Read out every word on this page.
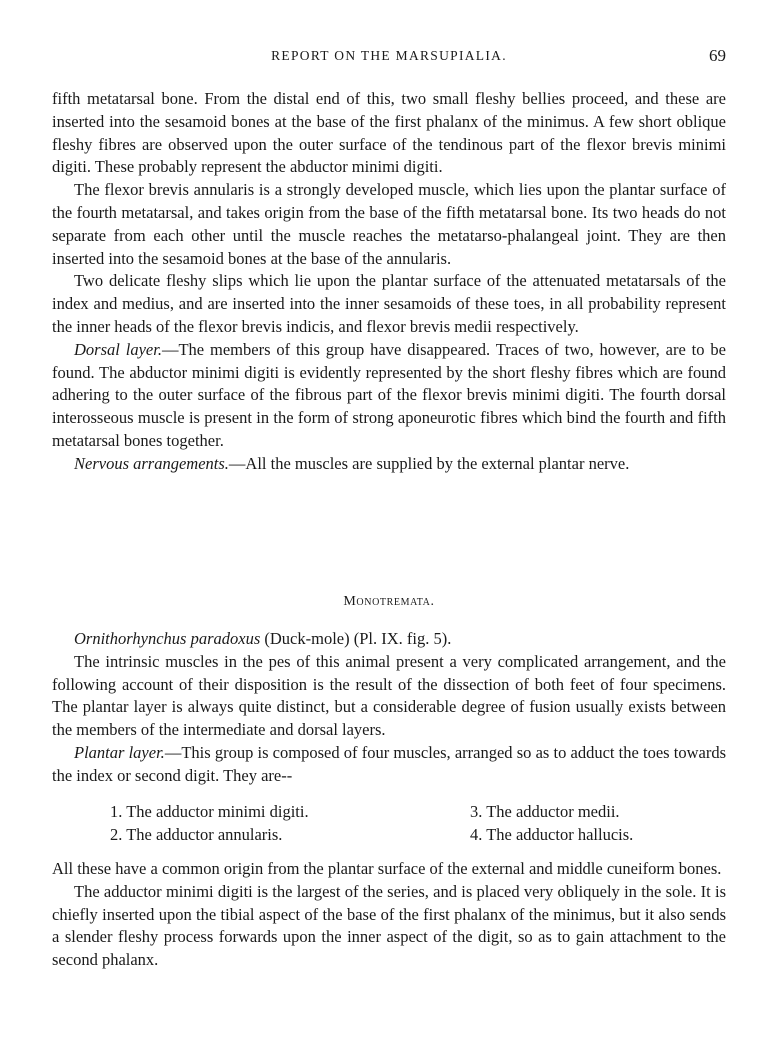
REPORT ON THE MARSUPIALIA.	69

fifth metatarsal bone. From the distal end of this, two small fleshy bellies proceed, and these are inserted into the sesamoid bones at the base of the first phalanx of the minimus. A few short oblique fleshy fibres are observed upon the outer surface of the tendinous part of the flexor brevis minimi digiti. These probably represent the abductor minimi digiti.

The flexor brevis annularis is a strongly developed muscle, which lies upon the plantar surface of the fourth metatarsal, and takes origin from the base of the fifth metatarsal bone. Its two heads do not separate from each other until the muscle reaches the metatarso-phalangeal joint. They are then inserted into the sesamoid bones at the base of the annularis.

Two delicate fleshy slips which lie upon the plantar surface of the attenuated metatarsals of the index and medius, and are inserted into the inner sesamoids of these toes, in all probability represent the inner heads of the flexor brevis indicis, and flexor brevis medii respectively.

Dorsal layer.—The members of this group have disappeared. Traces of two, however, are to be found. The abductor minimi digiti is evidently represented by the short fleshy fibres which are found adhering to the outer surface of the fibrous part of the flexor brevis minimi digiti. The fourth dorsal interosseous muscle is present in the form of strong aponeurotic fibres which bind the fourth and fifth metatarsal bones together.

Nervous arrangements.—All the muscles are supplied by the external plantar nerve.

Monotremata.

Ornithorhynchus paradoxus (Duck-mole) (Pl. IX. fig. 5).

The intrinsic muscles in the pes of this animal present a very complicated arrangement, and the following account of their disposition is the result of the dissection of both feet of four specimens. The plantar layer is always quite distinct, but a considerable degree of fusion usually exists between the members of the intermediate and dorsal layers.

Plantar layer.—This group is composed of four muscles, arranged so as to adduct the toes towards the index or second digit. They are--

1. The adductor minimi digiti.
2. The adductor annularis.
3. The adductor medii.
4. The adductor hallucis.

All these have a common origin from the plantar surface of the external and middle cuneiform bones.

The adductor minimi digiti is the largest of the series, and is placed very obliquely in the sole. It is chiefly inserted upon the tibial aspect of the base of the first phalanx of the minimus, but it also sends a slender fleshy process forwards upon the inner aspect of the digit, so as to gain attachment to the second phalanx.
